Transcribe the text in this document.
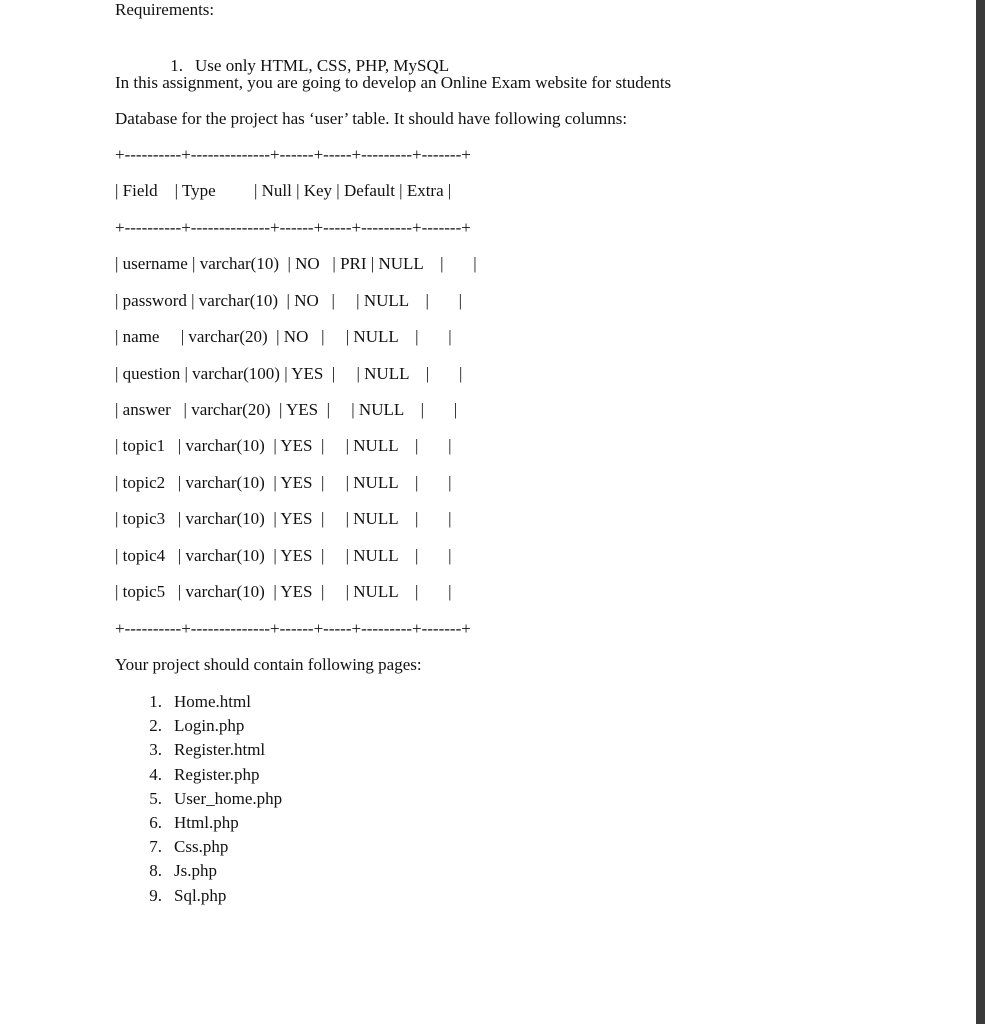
Requirements:

1. Use only HTML, CSS, PHP, MySQL

In this assignment, you are going to develop an Online Exam website for students
Database for the project has ‘user’ table. It should have following columns:
+----------+--------------+------+-----+---------+-------+
| Field    | Type         | Null | Key | Default | Extra |
+----------+--------------+------+-----+---------+-------+
| username | varchar(10)  | NO   | PRI | NULL    |       |
| password | varchar(10)  | NO   |     | NULL    |       |
| name     | varchar(20)  | NO   |     | NULL    |       |
| question | varchar(100) | YES  |     | NULL    |       |
| answer   | varchar(20)  | YES  |     | NULL    |       |
| topic1   | varchar(10)  | YES  |     | NULL    |       |
| topic2   | varchar(10)  | YES  |     | NULL    |       |
| topic3   | varchar(10)  | YES  |     | NULL    |       |
| topic4   | varchar(10)  | YES  |     | NULL    |       |
| topic5   | varchar(10)  | YES  |     | NULL    |       |
+----------+--------------+------+-----+---------+-------+
Your project should contain following pages:
1. Home.html
2. Login.php
3. Register.html
4. Register.php
5. User_home.php
6. Html.php
7. Css.php
8. Js.php
9. Sql.php
